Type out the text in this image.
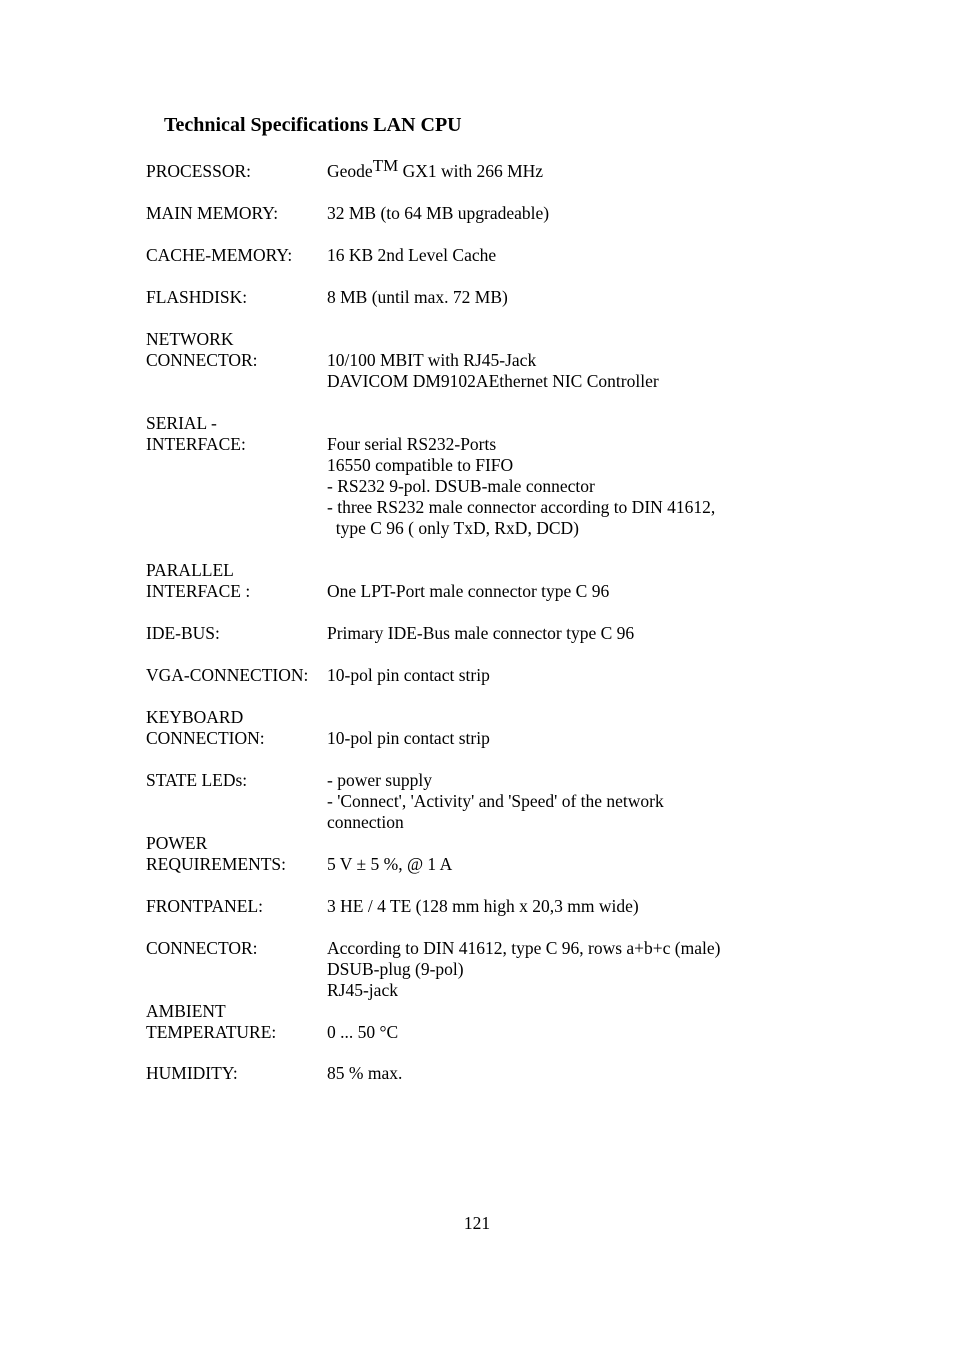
Technical Specifications LAN CPU
PROCESSOR:	Geode™ GX1 with 266 MHz
MAIN MEMORY:	32 MB (to 64 MB upgradeable)
CACHE-MEMORY: 16 KB 2nd Level Cache
FLASHDISK:	8 MB (until max. 72 MB)
NETWORK
CONNECTOR:	10/100 MBIT with RJ45-Jack
DAVICOM DM9102AEthernet NIC Controller
SERIAL -
INTERFACE:	Four serial RS232-Ports
16550 compatible to FIFO
- RS232 9-pol. DSUB-male connector
- three RS232 male connector according to DIN 41612,
type C 96 ( only TxD, RxD, DCD)
PARALLEL
INTERFACE :	One LPT-Port male connector type C 96
IDE-BUS:	Primary IDE-Bus male connector type C 96
VGA-CONNECTION: 10-pol pin contact strip
KEYBOARD
CONNECTION:	10-pol pin contact strip
STATE LEDs:	- power supply
- 'Connect', 'Activity' and 'Speed' of the network
connection
POWER
REQUIREMENTS: 5 V ± 5 %, @ 1 A
FRONTPANEL:	3 HE / 4 TE (128 mm high x 20,3 mm wide)
CONNECTOR:	According to DIN 41612, type C 96, rows a+b+c (male)
DSUB-plug (9-pol)
RJ45-jack
AMBIENT
TEMPERATURE:	0 ... 50 °C
HUMIDITY:	85 % max.
121
